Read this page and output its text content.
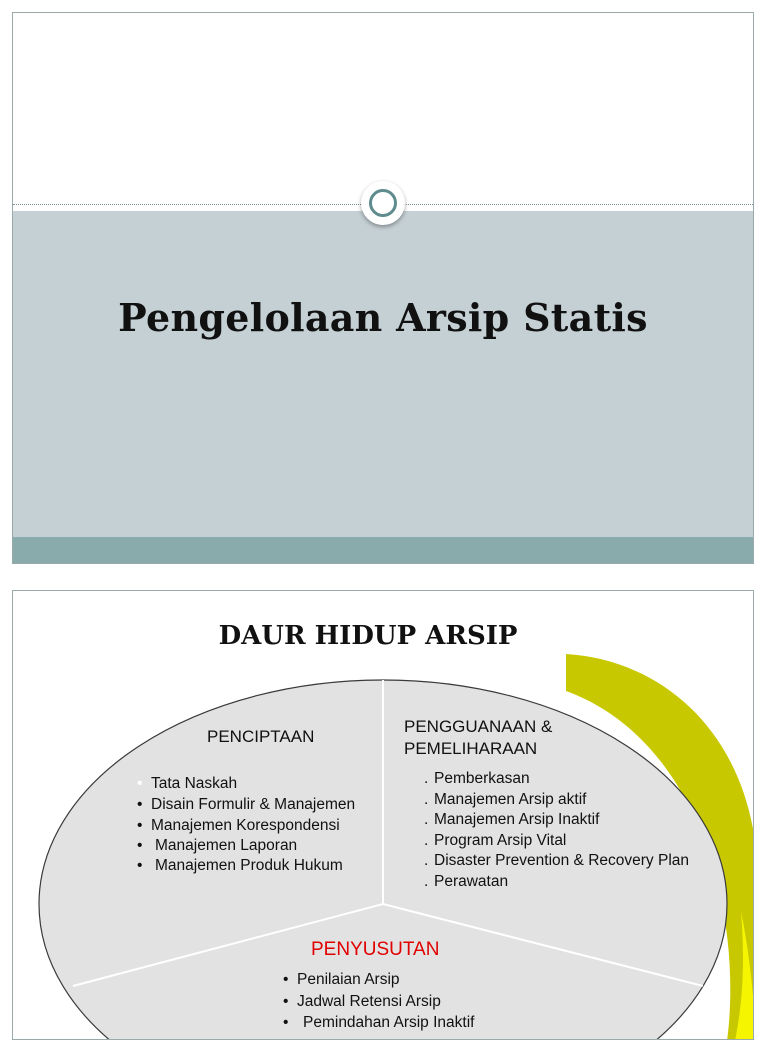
Pengelolaan Arsip Statis
DAUR HIDUP ARSIP
PENCIPTAAN
• Tata Naskah
• Disain Formulir & Manajemen
• Manajemen Korespondensi
• Manajemen Laporan
• Manajemen Produk Hukum
PENGGUANAAN &
PEMELIHARAAN
. Pemberkasan
. Manajemen Arsip aktif
. Manajemen Arsip Inaktif
. Program Arsip Vital
. Disaster Prevention & Recovery Plan
. Perawatan
PENYUSUTAN
• Penilaian Arsip
• Jadwal Retensi Arsip
• Pemindahan Arsip Inaktif
